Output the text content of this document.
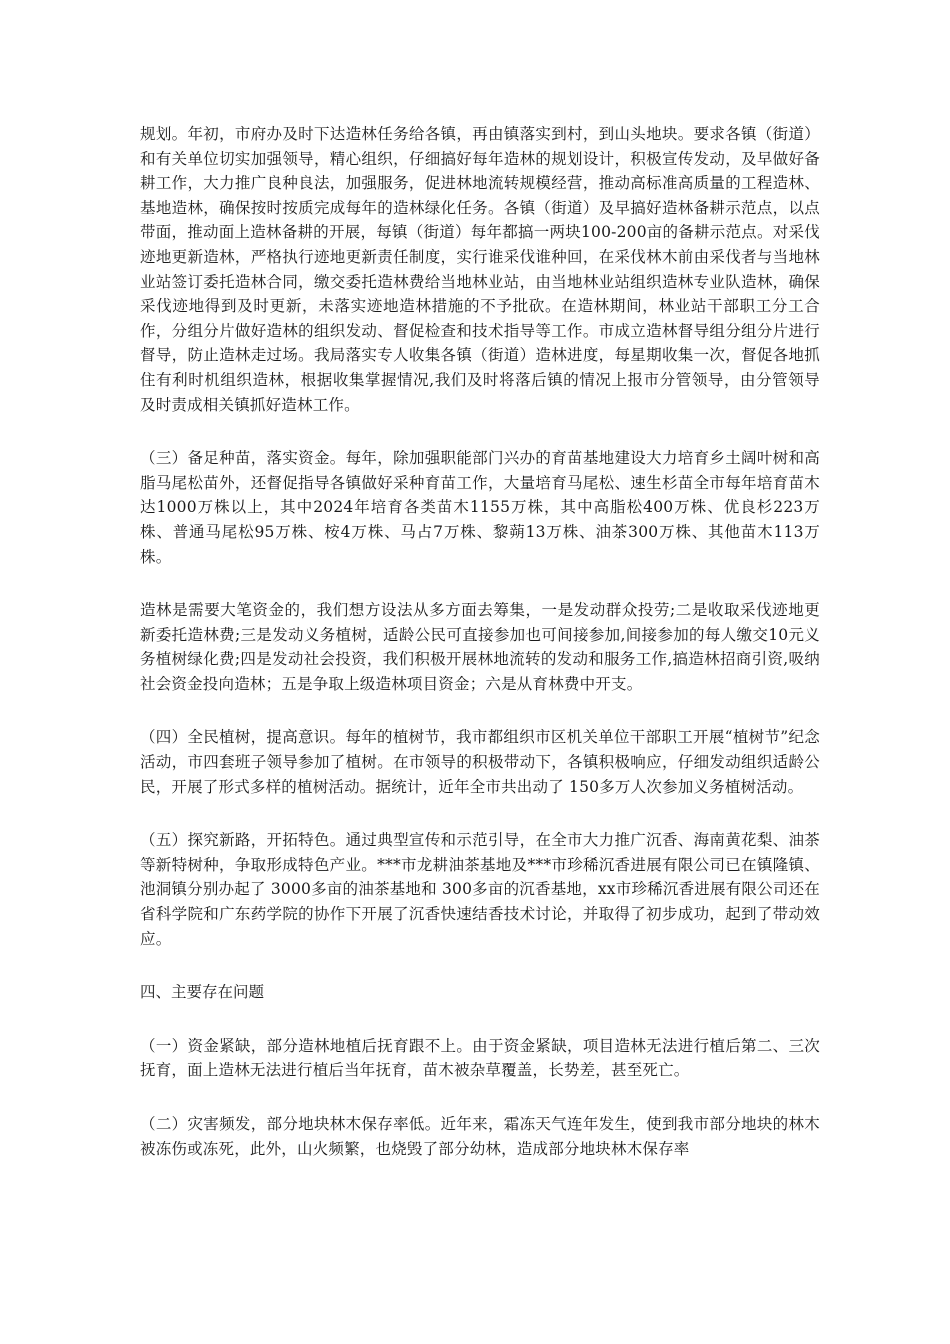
规划。年初，市府办及时下达造林任务给各镇，再由镇落实到村，到山头地块。要求各镇（街道）和有关单位切实加强领导，精心组织，仔细搞好每年造林的规划设计，积极宣传发动，及早做好备耕工作，大力推广良种良法，加强服务，促进林地流转规模经营，推动高标准高质量的工程造林、基地造林，确保按时按质完成每年的造林绿化任务。各镇（街道）及早搞好造林备耕示范点，以点带面，推动面上造林备耕的开展，每镇（街道）每年都搞一两块100-200亩的备耕示范点。对采伐迹地更新造林，严格执行迹地更新责任制度，实行谁采伐谁种回，在采伐林木前由采伐者与当地林业站签订委托造林合同，缴交委托造林费给当地林业站，由当地林业站组织造林专业队造林，确保采伐迹地得到及时更新，未落实迹地造林措施的不予批砍。在造林期间，林业站干部职工分工合作，分组分片做好造林的组织发动、督促检查和技术指导等工作。市成立造林督导组分组分片进行督导，防止造林走过场。我局落实专人收集各镇（街道）造林进度，每星期收集一次，督促各地抓住有利时机组织造林，根据收集掌握情况,我们及时将落后镇的情况上报市分管领导，由分管领导及时责成相关镇抓好造林工作。

（三）备足种苗，落实资金。每年，除加强职能部门兴办的育苗基地建设大力培育乡土阔叶树和高脂马尾松苗外，还督促指导各镇做好采种育苗工作，大量培育马尾松、速生杉苗全市每年培育苗木达1000万株以上，其中2024年培育各类苗木1155万株，其中高脂松400万株、优良杉223万株、普通马尾松95万株、桉4万株、马占7万株、黎蒴13万株、油茶300万株、其他苗木113万株。

造林是需要大笔资金的，我们想方设法从多方面去筹集，一是发动群众投劳;二是收取采伐迹地更新委托造林费;三是发动义务植树，适龄公民可直接参加也可间接参加,间接参加的每人缴交10元义务植树绿化费;四是发动社会投资，我们积极开展林地流转的发动和服务工作,搞造林招商引资,吸纳社会资金投向造林；五是争取上级造林项目资金；六是从育林费中开支。

（四）全民植树，提高意识。每年的植树节，我市都组织市区机关单位干部职工开展“植树节”纪念活动，市四套班子领导参加了植树。在市领导的积极带动下，各镇积极响应，仔细发动组织适龄公民，开展了形式多样的植树活动。据统计，近年全市共出动了 150多万人次参加义务植树活动。

（五）探究新路，开拓特色。通过典型宣传和示范引导，在全市大力推广沉香、海南黄花梨、油茶等新特树种，争取形成特色产业。***市龙耕油茶基地及***市珍稀沉香进展有限公司已在镇隆镇、池洞镇分别办起了 3000多亩的油茶基地和 300多亩的沉香基地，xx市珍稀沉香进展有限公司还在省科学院和广东药学院的协作下开展了沉香快速结香技术讨论，并取得了初步成功，起到了带动效应。

四、主要存在问题

（一）资金紧缺，部分造林地植后抚育跟不上。由于资金紧缺，项目造林无法进行植后第二、三次抚育，面上造林无法进行植后当年抚育，苗木被杂草覆盖，长势差，甚至死亡。

（二）灾害频发，部分地块林木保存率低。近年来，霜冻天气连年发生，使到我市部分地块的林木被冻伤或冻死，此外，山火频繁，也烧毁了部分幼林，造成部分地块林木保存率
